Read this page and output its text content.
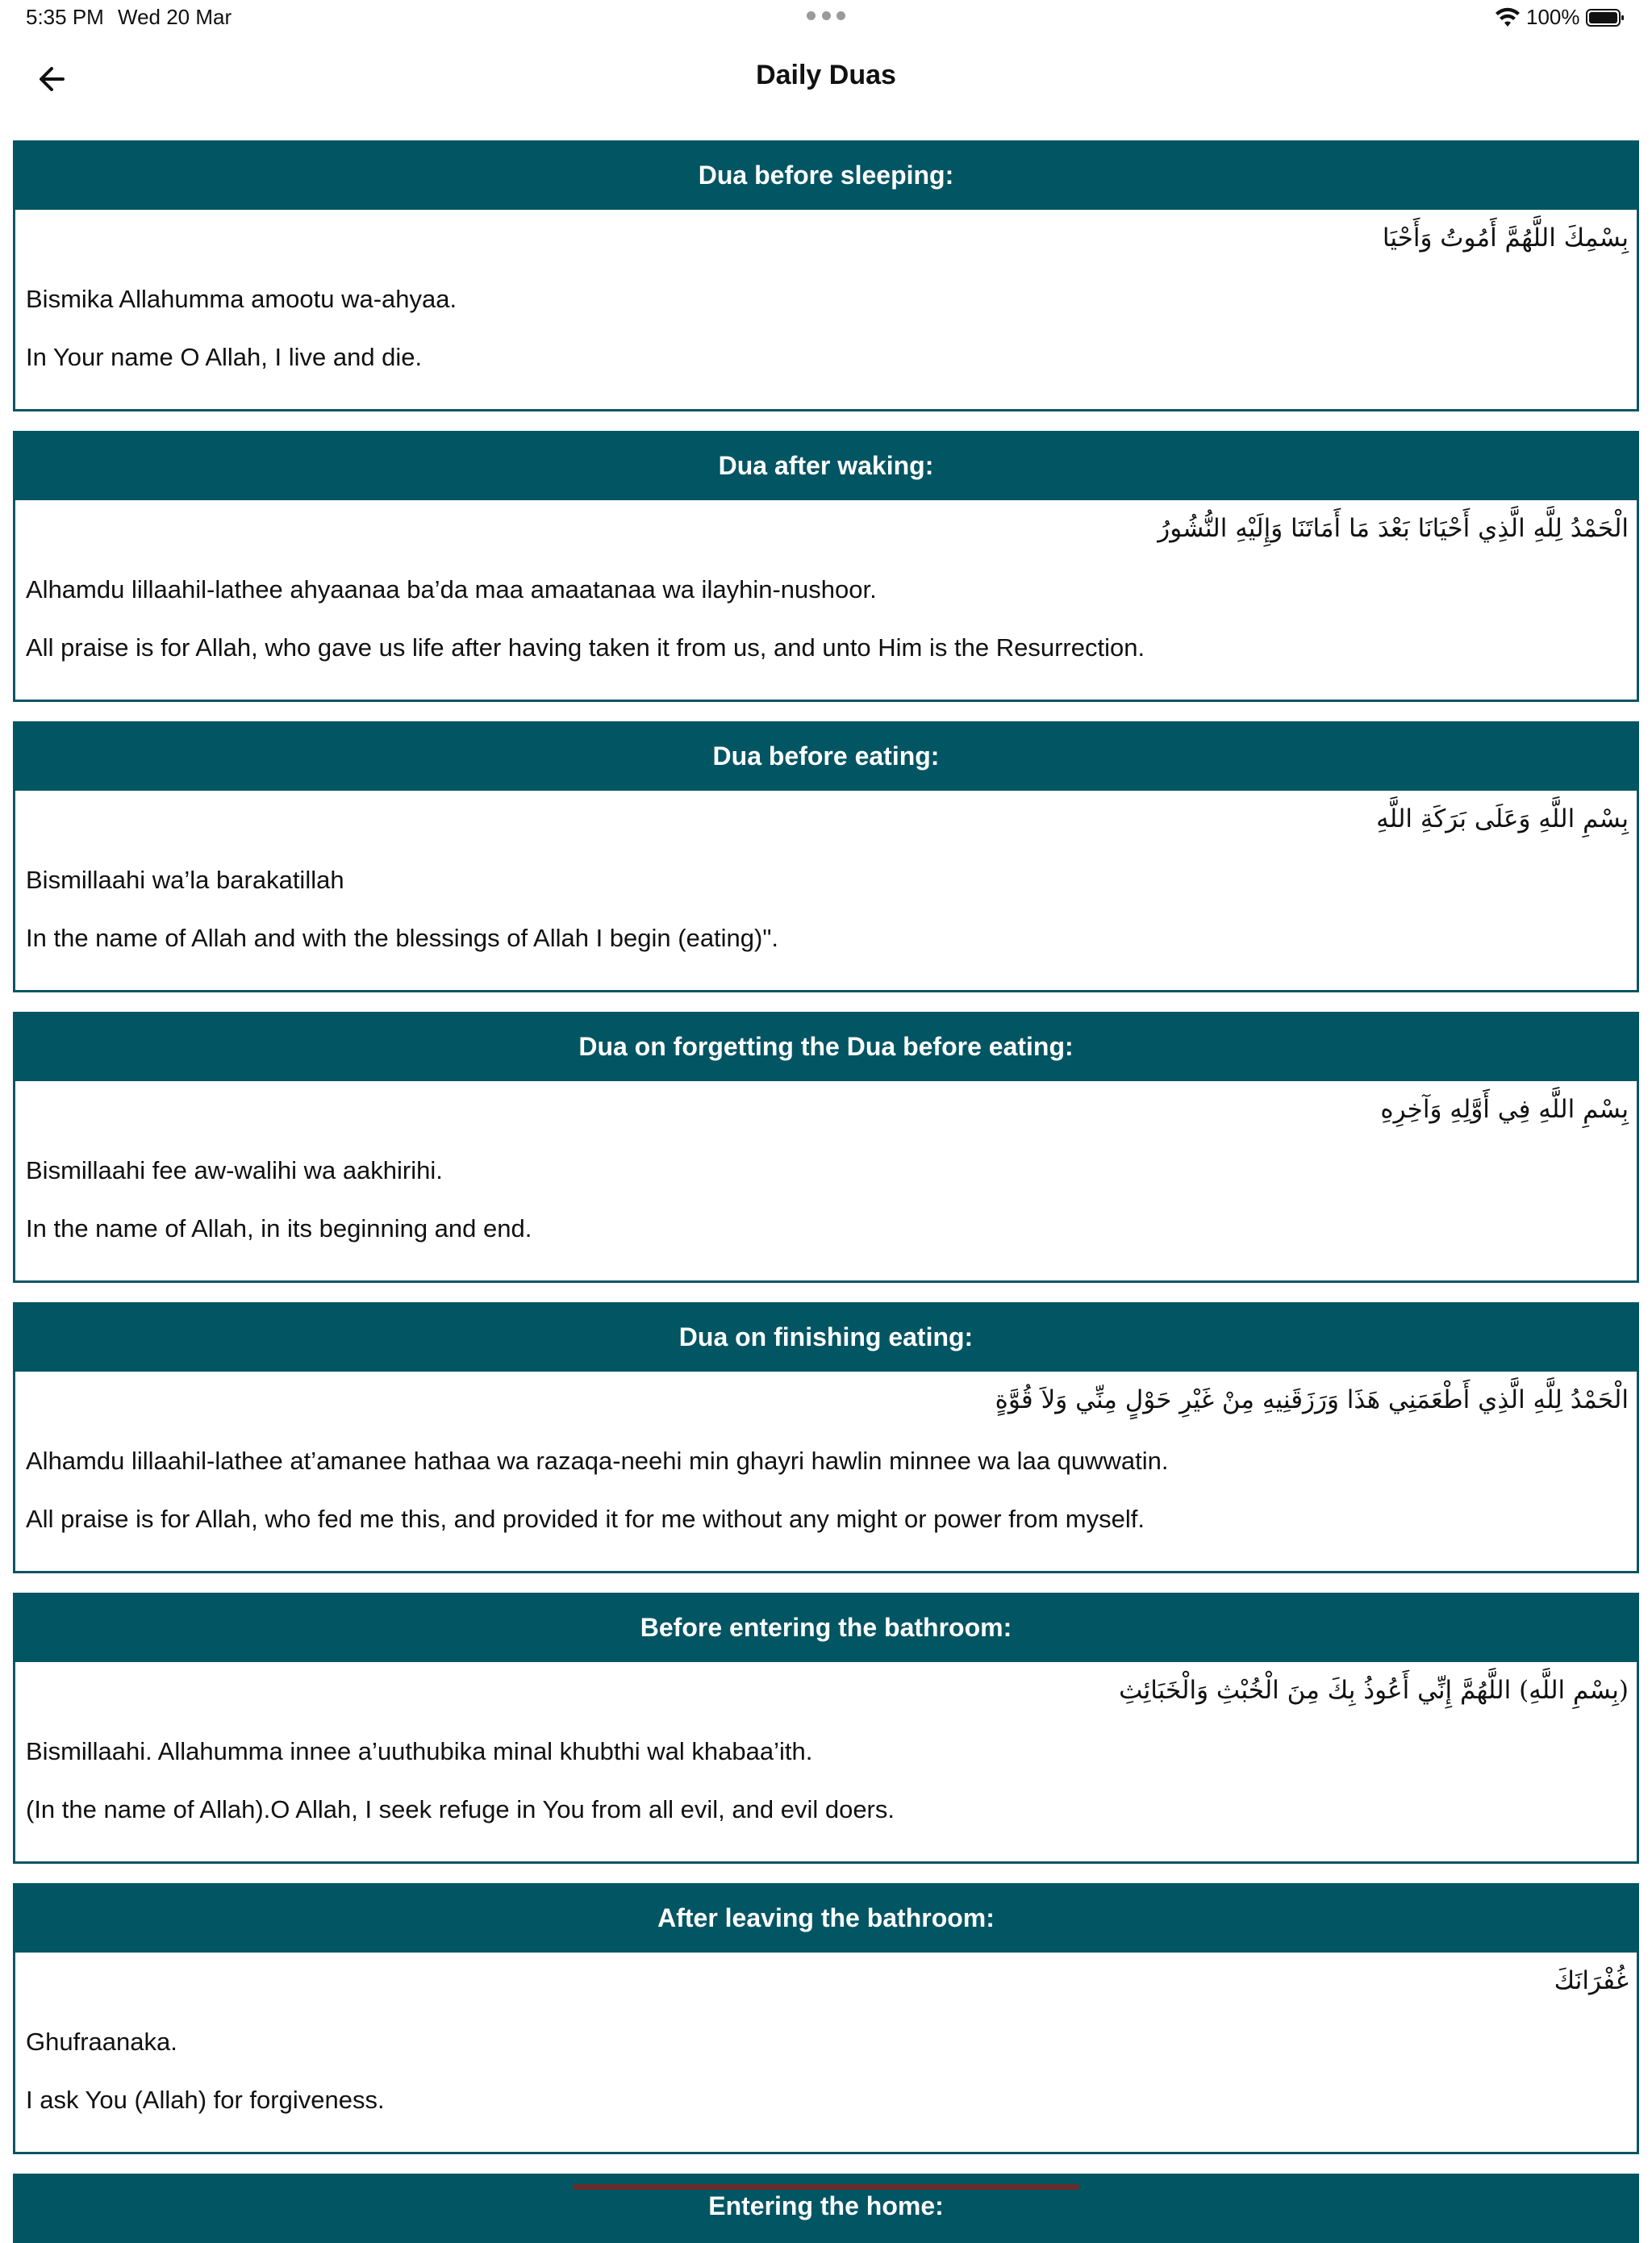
5:35 PM Wed 20 Mar	100%
Daily Duas
Dua before sleeping:
بِسْمِكَ اللَّهُمَّ أَمُوتُ وَأَحْيَا
Bismika Allahumma amootu wa-ahyaa.
In Your name O Allah, I live and die.
Dua after waking:
الْحَمْدُ لِلَّهِ الَّذِي أَحْيَانَا بَعْدَ مَا أَمَاتَنَا وَإِلَيْهِ النُّشُورُ
Alhamdu lillaahil-lathee ahyaanaa ba’da maa amaatanaa wa ilayhin-nushoor.
All praise is for Allah, who gave us life after having taken it from us, and unto Him is the Resurrection.
Dua before eating:
بِسْمِ اللَّهِ وَعَلَى بَرَكَةِ اللَّهِ
Bismillaahi wa’la barakatillah
In the name of Allah and with the blessings of Allah I begin (eating)".
Dua on forgetting the Dua before eating:
بِسْمِ اللَّهِ فِي أَوَّلِهِ وَآخِرِهِ
Bismillaahi fee aw-walihi wa aakhirihi.
In the name of Allah, in its beginning and end.
Dua on finishing eating:
الْحَمْدُ لِلَّهِ الَّذِي أَطْعَمَنِي هَذَا وَرَزَقَنِيهِ مِنْ غَيْرِ حَوْلٍ مِنِّي وَلاَ قُوَّةٍ
Alhamdu lillaahil-lathee at’amanee hathaa wa razaqa-neehi min ghayri hawlin minnee wa laa quwwatin.
All praise is for Allah, who fed me this, and provided it for me without any might or power from myself.
Before entering the bathroom:
(بِسْمِ اللَّهِ) اللَّهُمَّ إِنِّي أَعُوذُ بِكَ مِنَ الْخُبْثِ وَالْخَبَائِثِ
Bismillaahi. Allahumma innee a’uuthubika minal khubthi wal khabaa’ith.
(In the name of Allah).O Allah, I seek refuge in You from all evil, and evil doers.
After leaving the bathroom:
غُفْرَانَكَ
Ghufraanaka.
I ask You (Allah) for forgiveness.
Entering the home:
